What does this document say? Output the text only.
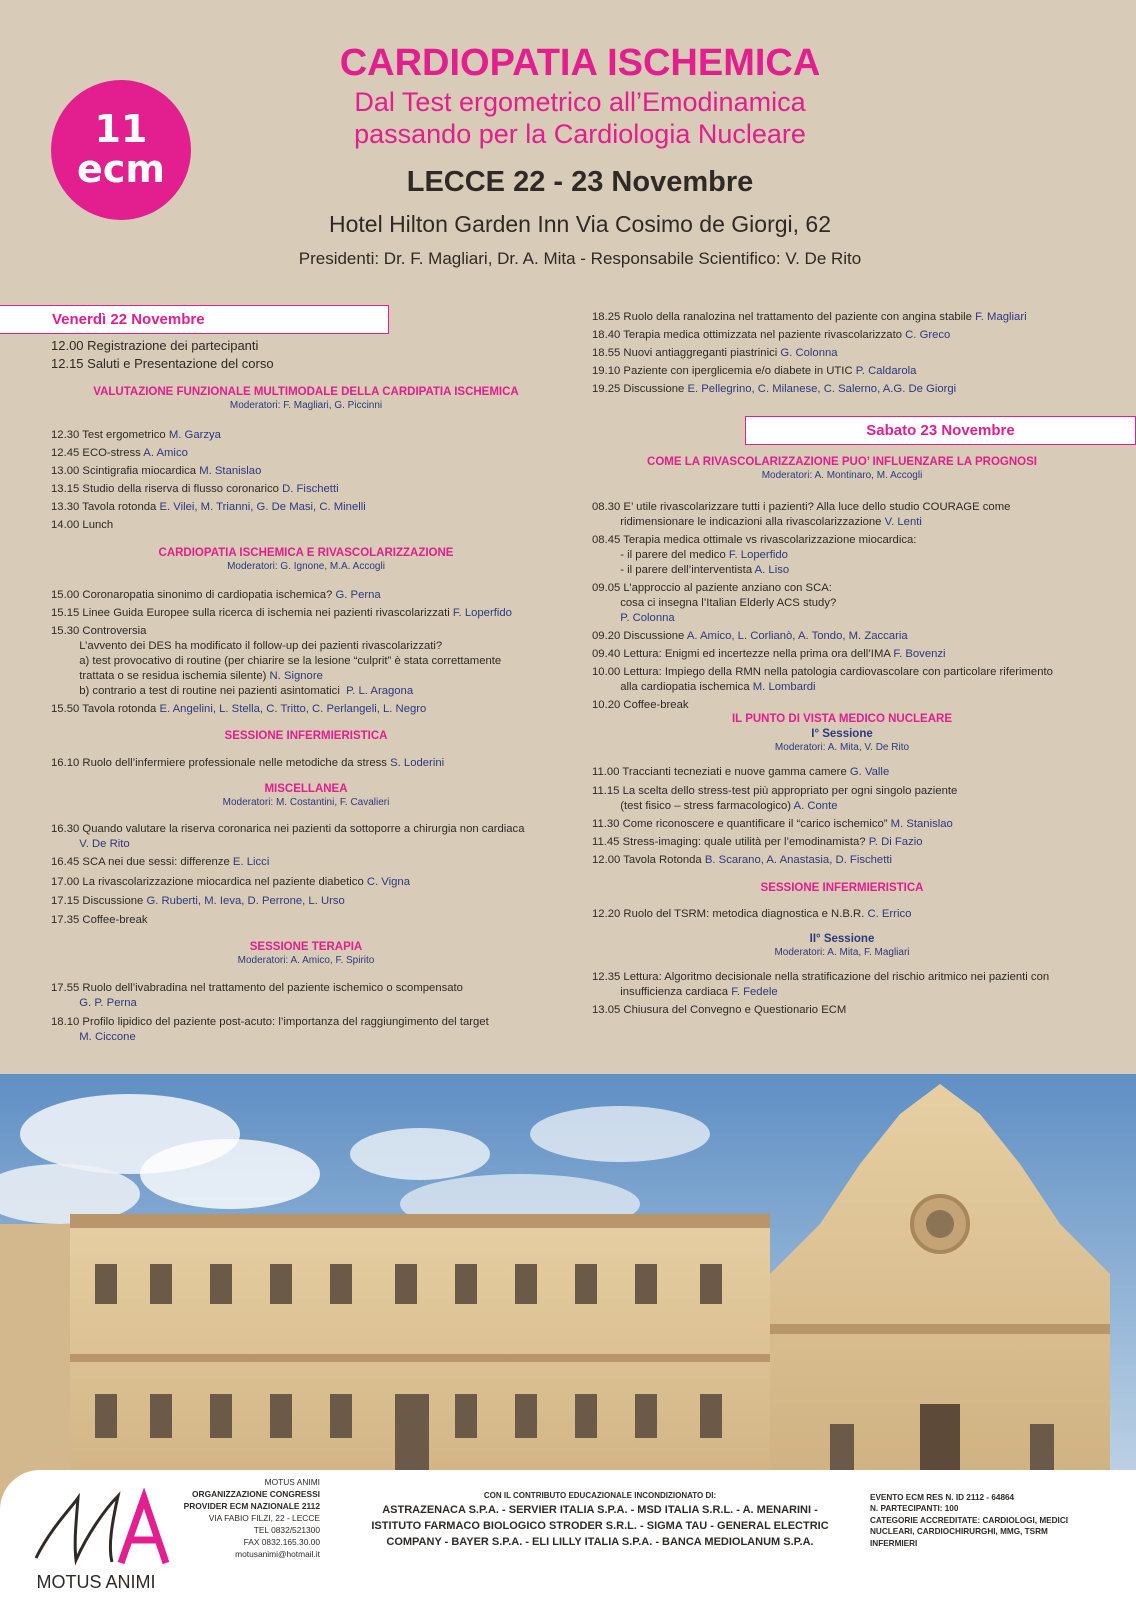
11
ecm
CARDIOPATIA ISCHEMICA
Dal Test ergometrico all’Emodinamica
passando per la Cardiologia Nucleare
LECCE 22 - 23 Novembre
Hotel Hilton Garden Inn Via Cosimo de Giorgi, 62
Presidenti: Dr. F. Magliari, Dr. A. Mita - Responsabile Scientifico: V. De Rito
Venerdì 22 Novembre
Sabato 23 Novembre
12.00 Registrazione dei partecipanti
12.15 Saluti e Presentazione del corso
12.30 Test ergometrico M. Garzya
12.45 ECO-stress A. Amico
13.00 Scintigrafia miocardica M. Stanislao
13.15 Studio della riserva di flusso coronarico D. Fischetti
13.30 Tavola rotonda E. Vilei, M. Trianni, G. De Masi, C. Minelli
14.00 Lunch
15.00 Coronaropatia sinonimo di cardiopatia ischemica? G. Perna
15.15 Linee Guida Europee sulla ricerca di ischemia nei pazienti rivascolarizzati F. Loperfido
15.30 Controversia
L’avvento dei DES ha modificato il follow-up dei pazienti rivascolarizzati?
a) test provocativo di routine (per chiarire se la lesione “culprit” è stata correttamente
trattata o se residua ischemia silente) N. Signore
b) contrario a test di routine nei pazienti asintomatici  P. L. Aragona
15.50 Tavola rotonda E. Angelini, L. Stella, C. Tritto, C. Perlangeli, L. Negro
16.10 Ruolo dell’infermiere professionale nelle metodiche da stress S. Loderini
16.30 Quando valutare la riserva coronarica nei pazienti da sottoporre a chirurgia non cardiaca
V. De Rito
16.45 SCA nei due sessi: differenze E. Licci
17.00 La rivascolarizzazione miocardica nel paziente diabetico C. Vigna
17.15 Discussione G. Ruberti, M. Ieva, D. Perrone, L. Urso
17.35 Coffee-break
17.55 Ruolo dell’ivabradina nel trattamento del paziente ischemico o scompensato
G. P. Perna
18.10 Profilo lipidico del paziente post-acuto: l’importanza del raggiungimento del target
M. Ciccone
VALUTAZIONE FUNZIONALE MULTIMODALE DELLA CARDIPATIA ISCHEMICA
Moderatori: F. Magliari, G. Piccinni
CARDIOPATIA ISCHEMICA E RIVASCOLARIZZAZIONE
Moderatori: G. Ignone, M.A. Accogli
SESSIONE INFERMIERISTICA
MISCELLANEA
Moderatori: M. Costantini, F. Cavalieri
SESSIONE TERAPIA
Moderatori: A. Amico, F. Spirito
18.25 Ruolo della ranalozina nel trattamento del paziente con angina stabile F. Magliari
18.40 Terapia medica ottimizzata nel paziente rivascolarizzato C. Greco
18.55 Nuovi antiaggreganti piastrinici G. Colonna
19.10 Paziente con iperglicemia e/o diabete in UTIC P. Caldarola
19.25 Discussione E. Pellegrino, C. Milanese, C. Salerno, A.G. De Giorgi
08.30 E’ utile rivascolarizzare tutti i pazienti? Alla luce dello studio COURAGE come
ridimensionare le indicazioni alla rivascolarizzazione V. Lenti
08.45 Terapia medica ottimale vs rivascolarizzazione miocardica:
- il parere del medico F. Loperfido
- il parere dell’interventista A. Liso
09.05 L’approccio al paziente anziano con SCA:
cosa ci insegna l’Italian Elderly ACS study?
P. Colonna
09.20 Discussione A. Amico, L. Corlianò, A. Tondo, M. Zaccaria
09.40 Lettura: Enigmi ed incertezze nella prima ora dell’IMA F. Bovenzi
10.00 Lettura: Impiego della RMN nella patologia cardiovascolare con particolare riferimento
alla cardiopatia ischemica M. Lombardi
10.20 Coffee-break
11.00 Traccianti tecneziati e nuove gamma camere G. Valle
11.15 La scelta dello stress-test più appropriato per ogni singolo paziente
(test fisico – stress farmacologico) A. Conte
11.30 Come riconoscere e quantificare il “carico ischemico” M. Stanislao
11.45 Stress-imaging: quale utilità per l’emodinamista? P. Di Fazio
12.00 Tavola Rotonda B. Scarano, A. Anastasia, D. Fischetti
12.20 Ruolo del TSRM: metodica diagnostica e N.B.R. C. Errico
12.35 Lettura: Algoritmo decisionale nella stratificazione del rischio aritmico nei pazienti con
insufficienza cardiaca F. Fedele
13.05 Chiusura del Convegno e Questionario ECM
COME LA RIVASCOLARIZZAZIONE PUO’ INFLUENZARE LA PROGNOSI
Moderatori: A. Montinaro, M. Accogli
IL PUNTO DI VISTA MEDICO NUCLEARE
I° Sessione
Moderatori: A. Mita, V. De Rito
SESSIONE INFERMIERISTICA
II° Sessione
Moderatori: A. Mita, F. Magliari
MOTUS ANIMI
MOTUS ANIMI
ORGANIZZAZIONE CONGRESSI
PROVIDER ECM NAZIONALE 2112
VIA FABIO FILZI, 22 - LECCE
TEL 0832/521300
FAX 0832.165.30.00
motusanimi@hotmail.it
CON IL CONTRIBUTO EDUCAZIONALE INCONDIZIONATO DI:
ASTRAZENACA S.P.A. - SERVIER ITALIA S.P.A. - MSD ITALIA S.R.L. - A. MENARINI -
ISTITUTO FARMACO BIOLOGICO STRODER S.R.L. - SIGMA TAU - GENERAL ELECTRIC
COMPANY - BAYER S.P.A. - ELI LILLY ITALIA S.P.A. - BANCA MEDIOLANUM S.P.A.
EVENTO ECM RES N. ID 2112 - 64864
N. PARTECIPANTI: 100
CATEGORIE ACCREDITATE: CARDIOLOGI, MEDICI
NUCLEARI, CARDIOCHIRURGHI, MMG, TSRM
INFERMIERI
